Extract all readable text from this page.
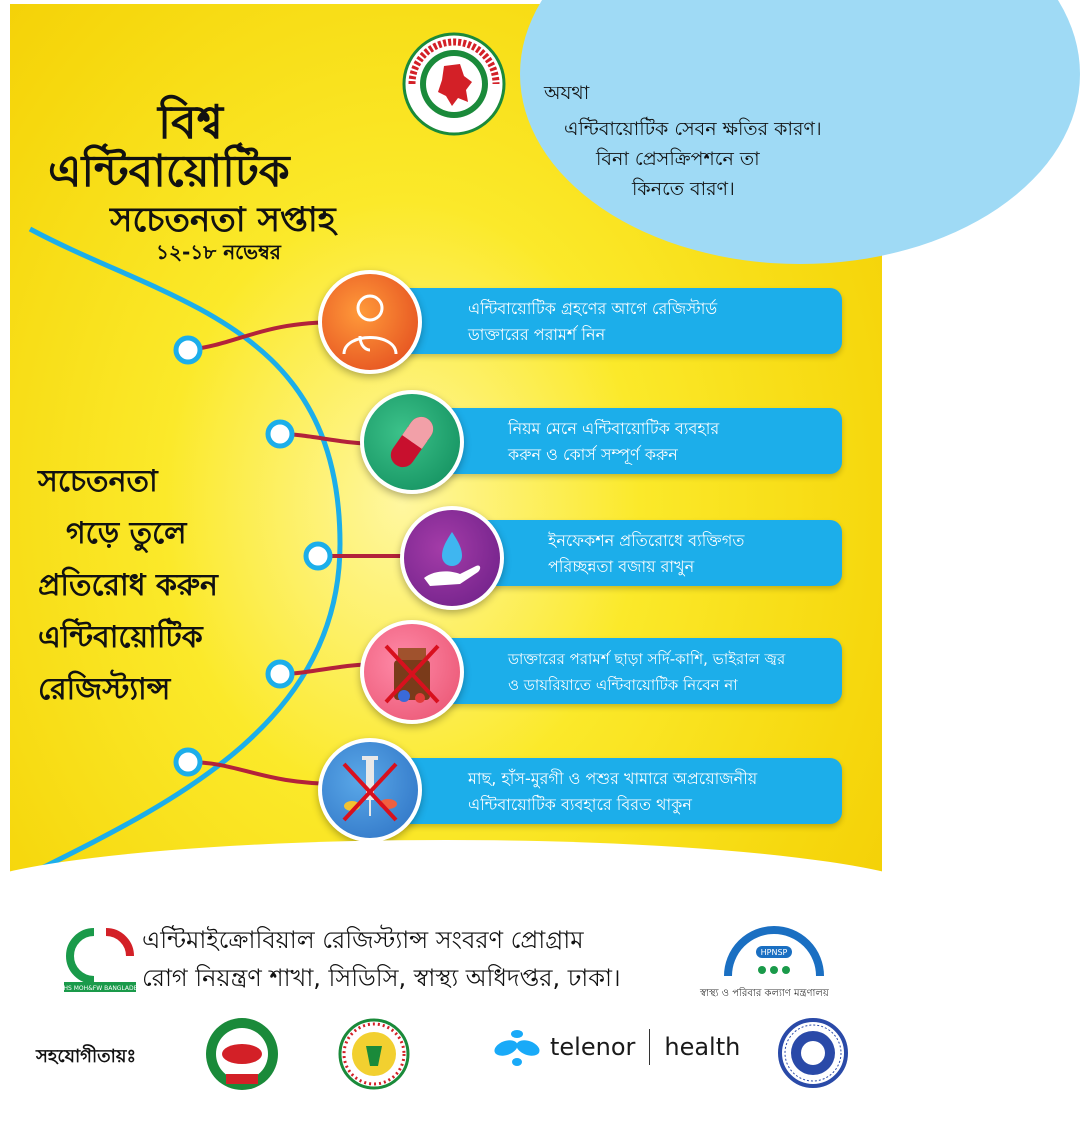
বিশ্ব
এন্টিবায়োটিক
সচেতনতা সপ্তাহ
১২-১৮ নভেম্বর
অযথা
এন্টিবায়োটিক সেবন ক্ষতির কারণ।
বিনা প্রেসক্রিপশনে তা
কিনতে বারণ।
সচেতনতা
গড়ে তুলে
প্রতিরোধ করুন
এন্টিবায়োটিক
রেজিস্ট্যান্স
এন্টিবায়োটিক গ্রহণের আগে রেজিস্টার্ড
ডাক্তারের পরামর্শ নিন
নিয়ম মেনে এন্টিবায়োটিক ব্যবহার
করুন ও কোর্স সম্পূর্ণ করুন
ইনফেকশন প্রতিরোধে ব্যক্তিগত
পরিচ্ছন্নতা বজায় রাখুন
ডাক্তারের পরামর্শ ছাড়া সর্দি-কাশি, ভাইরাল জ্বর
ও ডায়রিয়াতে এন্টিবায়োটিক নিবেন না
মাছ, হাঁস-মুরগী ও পশুর খামারে অপ্রয়োজনীয়
এন্টিবায়োটিক ব্যবহারে বিরত থাকুন
DGHS MOH&FW BANGLADESH
এন্টিমাইক্রোবিয়াল রেজিস্ট্যান্স সংবরণ প্রোগ্রাম
রোগ নিয়ন্ত্রণ শাখা, সিডিসি, স্বাস্থ্য অধিদপ্তর, ঢাকা।
HPNSP
স্বাস্থ্য ও পরিবার কল্যাণ মন্ত্রণালয়
সহযোগীতায়ঃ	telenor health
